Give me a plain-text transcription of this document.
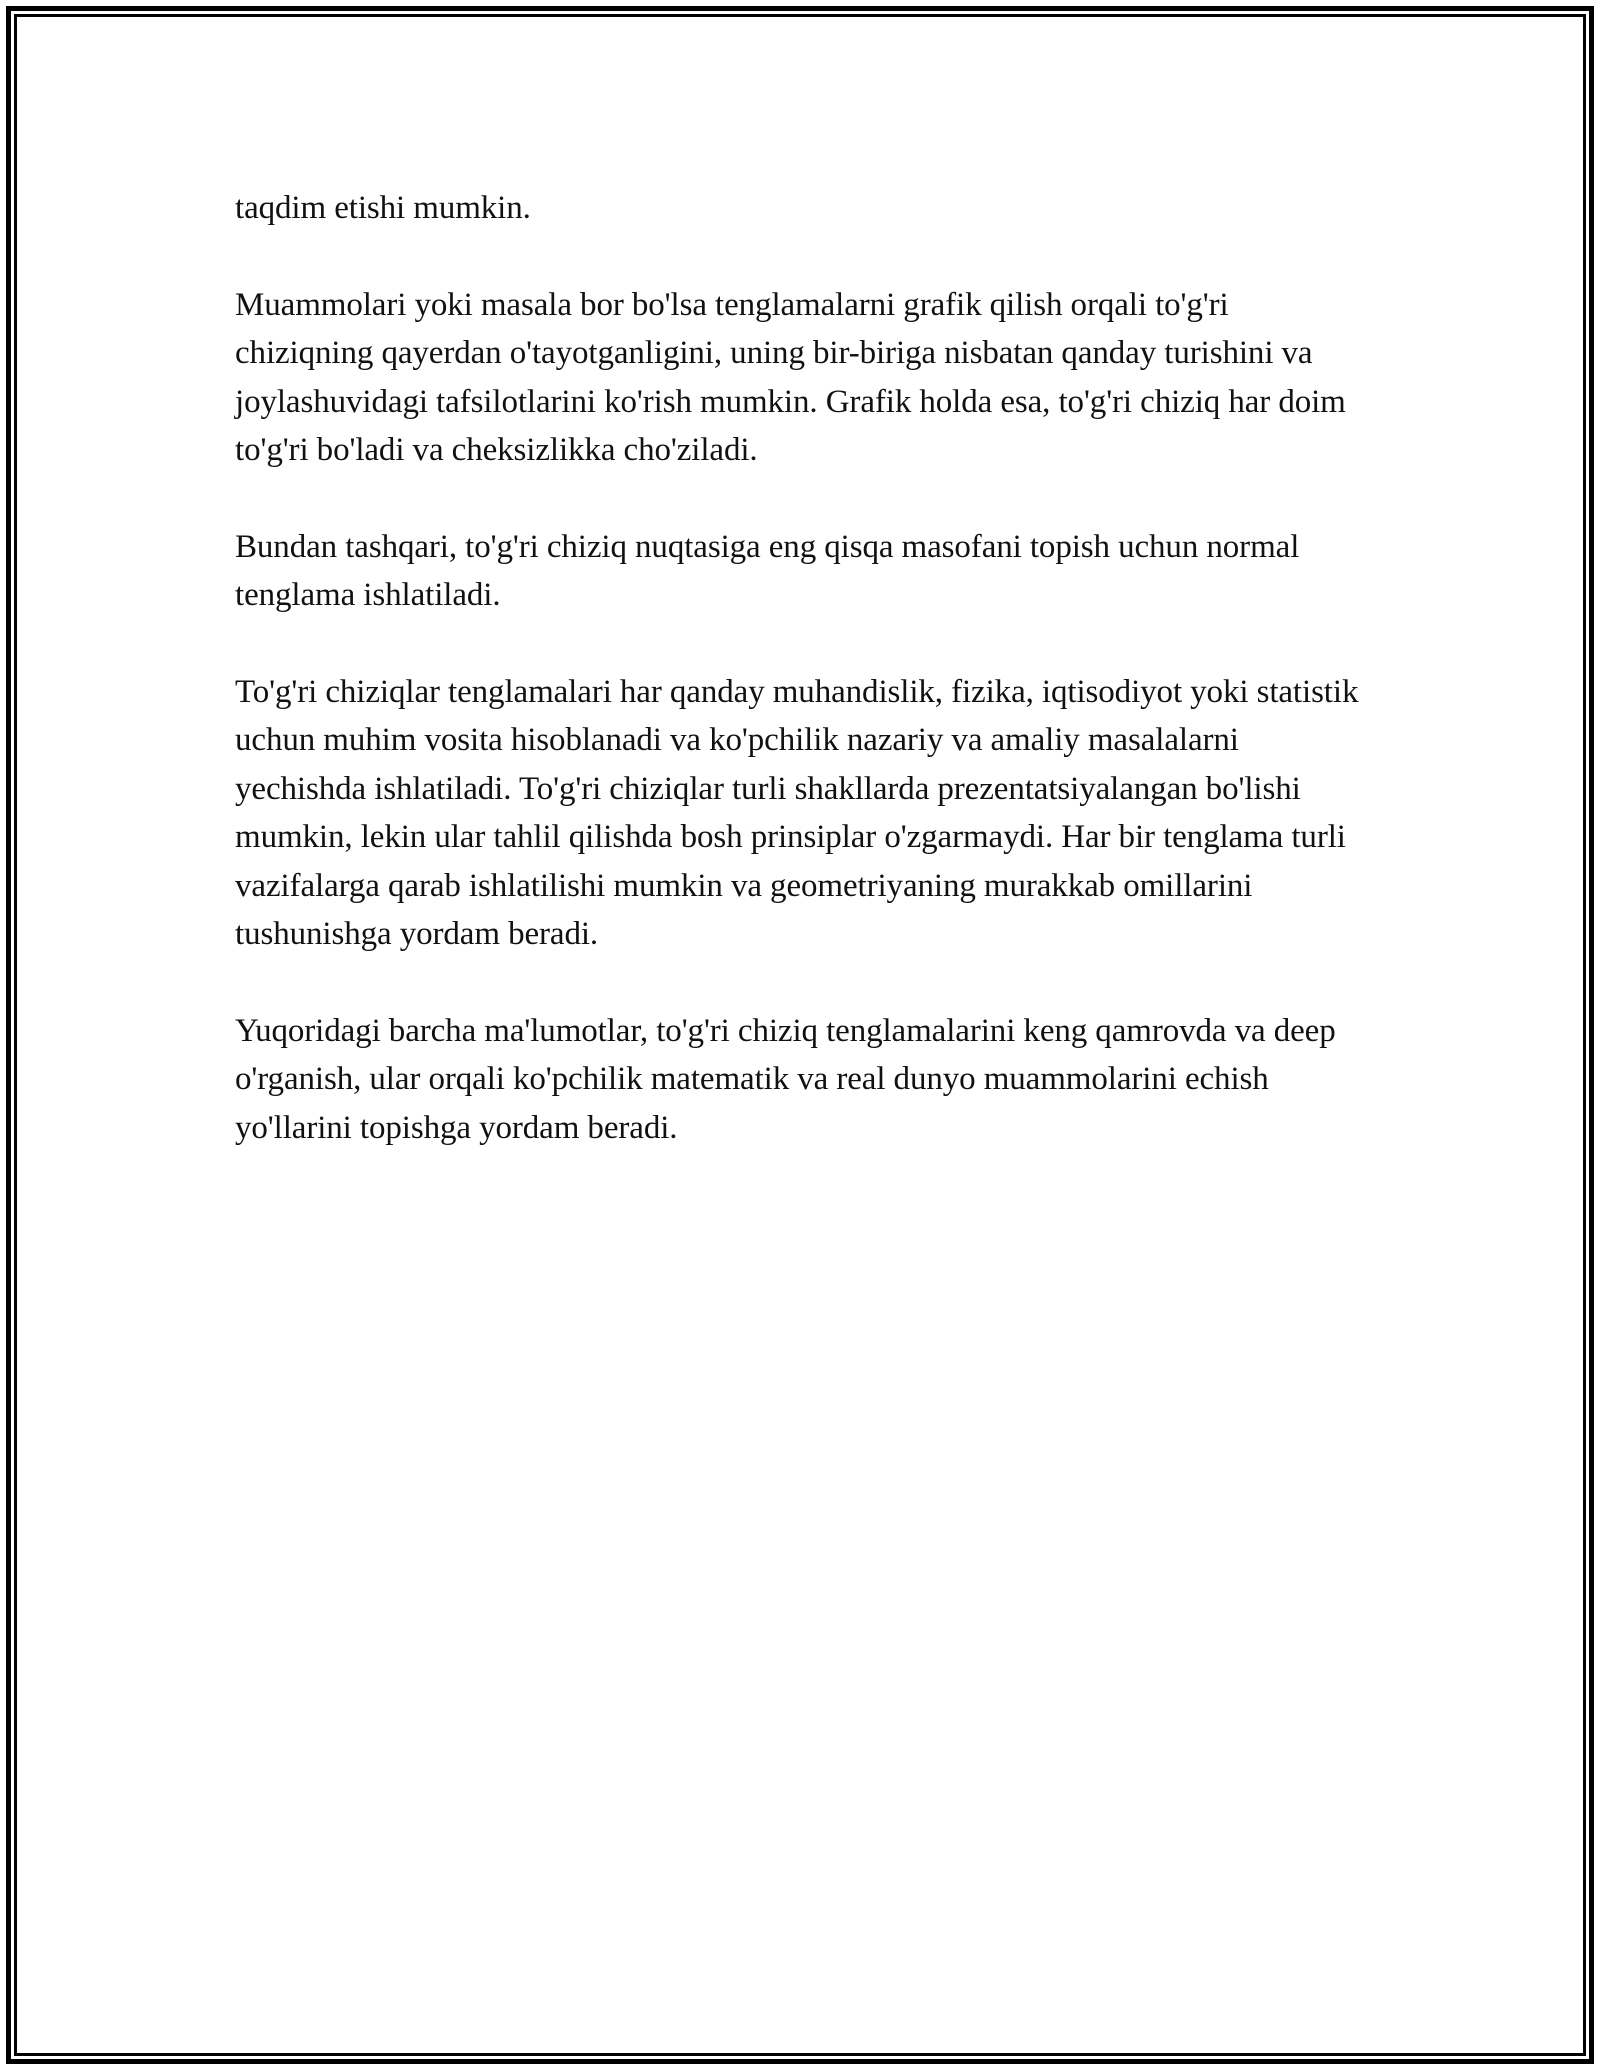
taqdim etishi mumkin.

Muammolari yoki masala bor bo'lsa tenglamalarni grafik qilish orqali to'g'ri chiziqning qayerdan o'tayotganligini, uning bir-biriga nisbatan qanday turishini va joylashuvidagi tafsilotlarini ko'rish mumkin. Grafik holda esa, to'g'ri chiziq har doim to'g'ri bo'ladi va cheksizlikka cho'ziladi.

Bundan tashqari, to'g'ri chiziq nuqtasiga eng qisqa masofani topish uchun normal tenglama ishlatiladi.

To'g'ri chiziqlar tenglamalari har qanday muhandislik, fizika, iqtisodiyot yoki statistik uchun muhim vosita hisoblanadi va ko'pchilik nazariy va amaliy masalalarni yechishda ishlatiladi. To'g'ri chiziqlar turli shakllarda prezentatsiyalangan bo'lishi mumkin, lekin ular tahlil qilishda bosh prinsiplar o'zgarmaydi. Har bir tenglama turli vazifalarga qarab ishlatilishi mumkin va geometriyaning murakkab omillarini tushunishga yordam beradi.

Yuqoridagi barcha ma'lumotlar, to'g'ri chiziq tenglamalarini keng qamrovda va deep o'rganish, ular orqali ko'pchilik matematik va real dunyo muammolarini echish yo'llarini topishga yordam beradi.
